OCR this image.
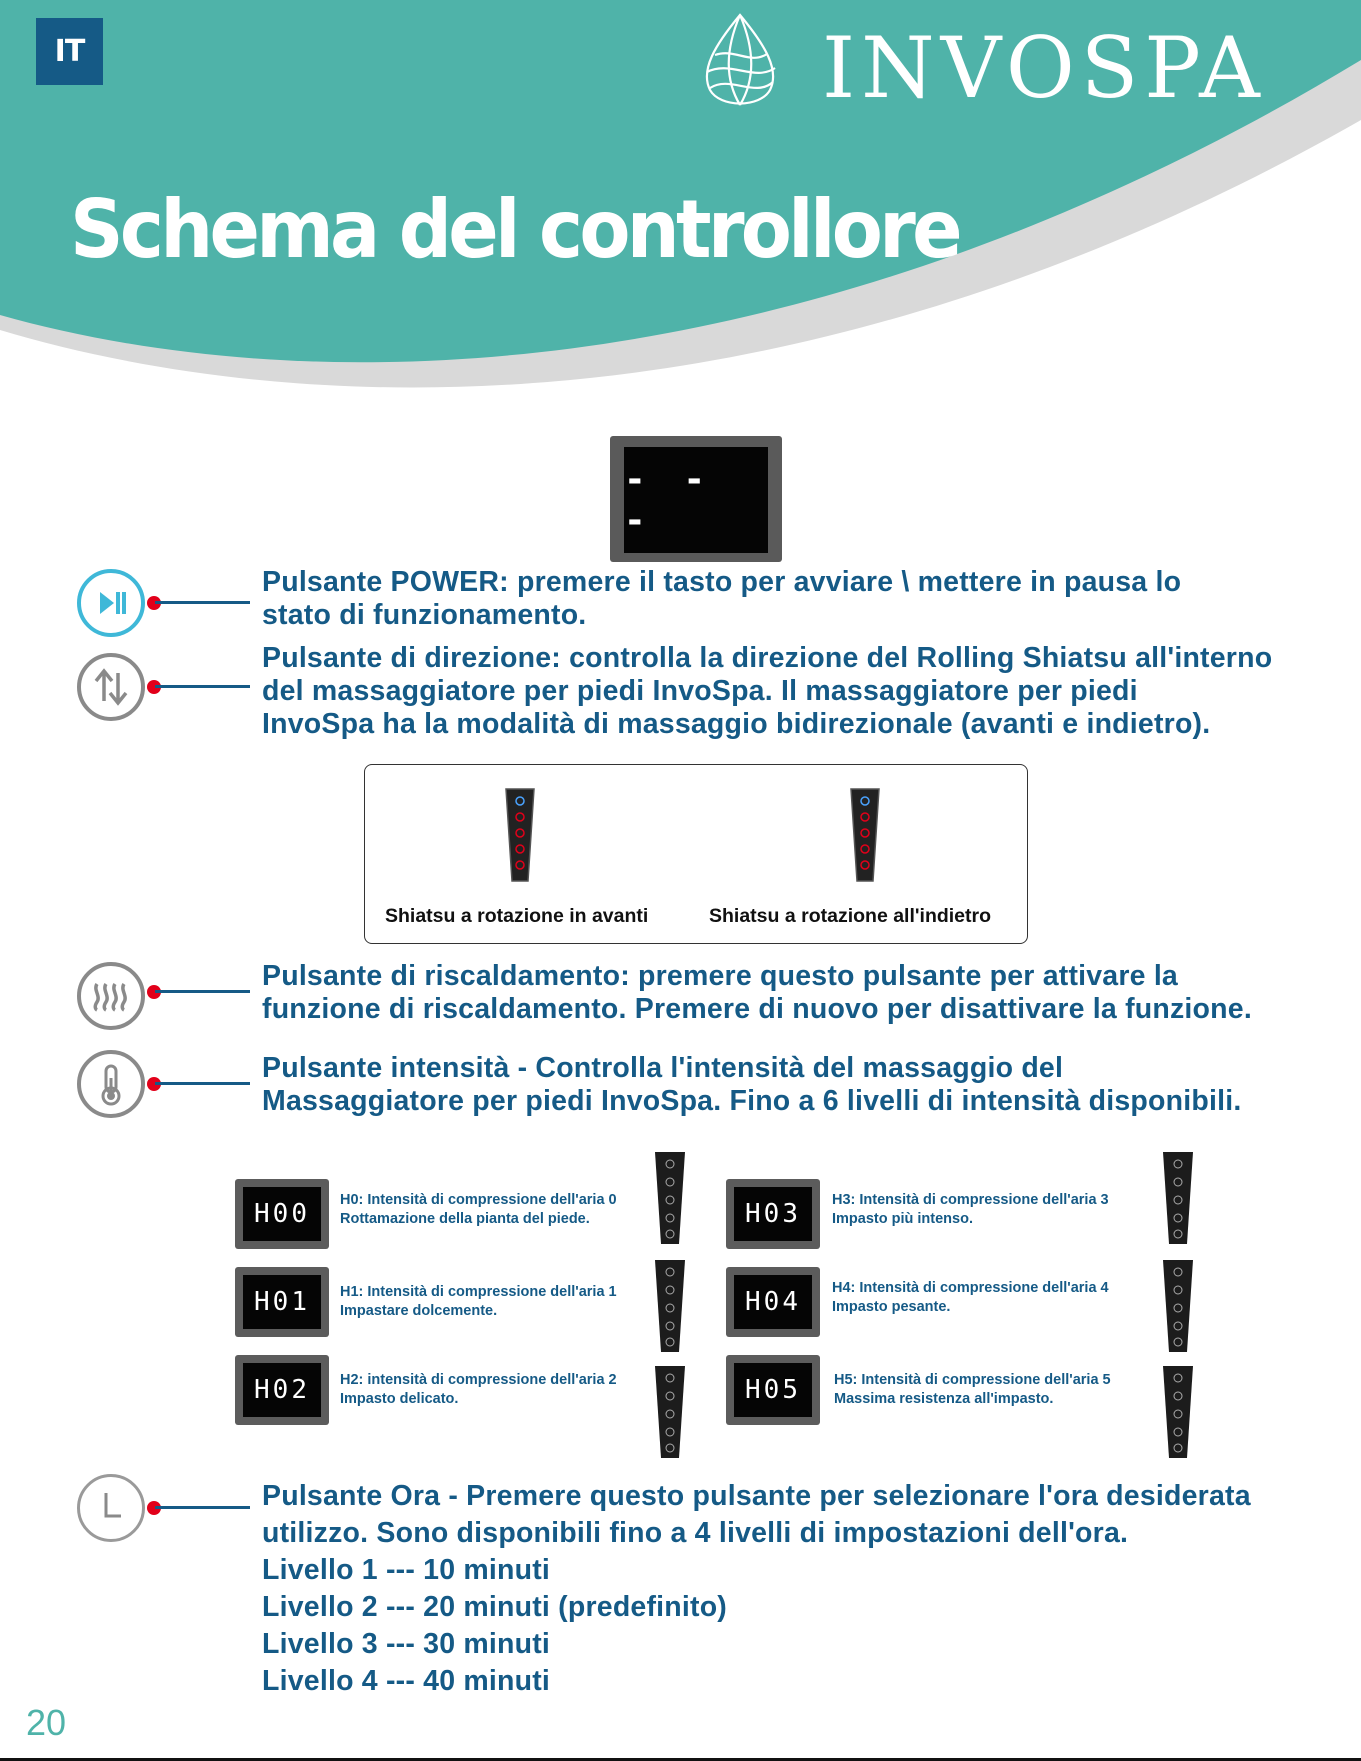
IT	INVOSPA
Schema del controllore
- - -
Pulsante POWER: premere il tasto per avviare \ mettere in pausa lo
stato di funzionamento.
Pulsante di direzione: controlla la direzione del Rolling Shiatsu all'interno
del massaggiatore per piedi InvoSpa. Il massaggiatore per piedi
InvoSpa ha la modalità di massaggio bidirezionale (avanti e indietro).
Shiatsu a rotazione in avanti	Shiatsu a rotazione all'indietro
Pulsante di riscaldamento: premere questo pulsante per attivare la
funzione di riscaldamento. Premere di nuovo per disattivare la funzione.
Pulsante intensità - Controlla l'intensità del massaggio del
Massaggiatore per piedi InvoSpa. Fino a 6 livelli di intensità disponibili.
H00	H0: Intensità di compressione dell'aria 0
Rottamazione della pianta del piede.	H03	H3: Intensità di compressione dell'aria 3
Impasto più intenso.
H01	H1: Intensità di compressione dell'aria 1
Impastare dolcemente.	H04	H4: Intensità di compressione dell'aria 4
Impasto pesante.
H02	H2: intensità di compressione dell'aria 2
Impasto delicato.	H05	H5: Intensità di compressione dell'aria 5
Massima resistenza all'impasto.
Pulsante Ora - Premere questo pulsante per selezionare l'ora desiderata
utilizzo. Sono disponibili fino a 4 livelli di impostazioni dell'ora.
Livello 1 --- 10 minuti
Livello 2 --- 20 minuti (predefinito)
Livello 3 --- 30 minuti
Livello 4 --- 40 minuti
20
